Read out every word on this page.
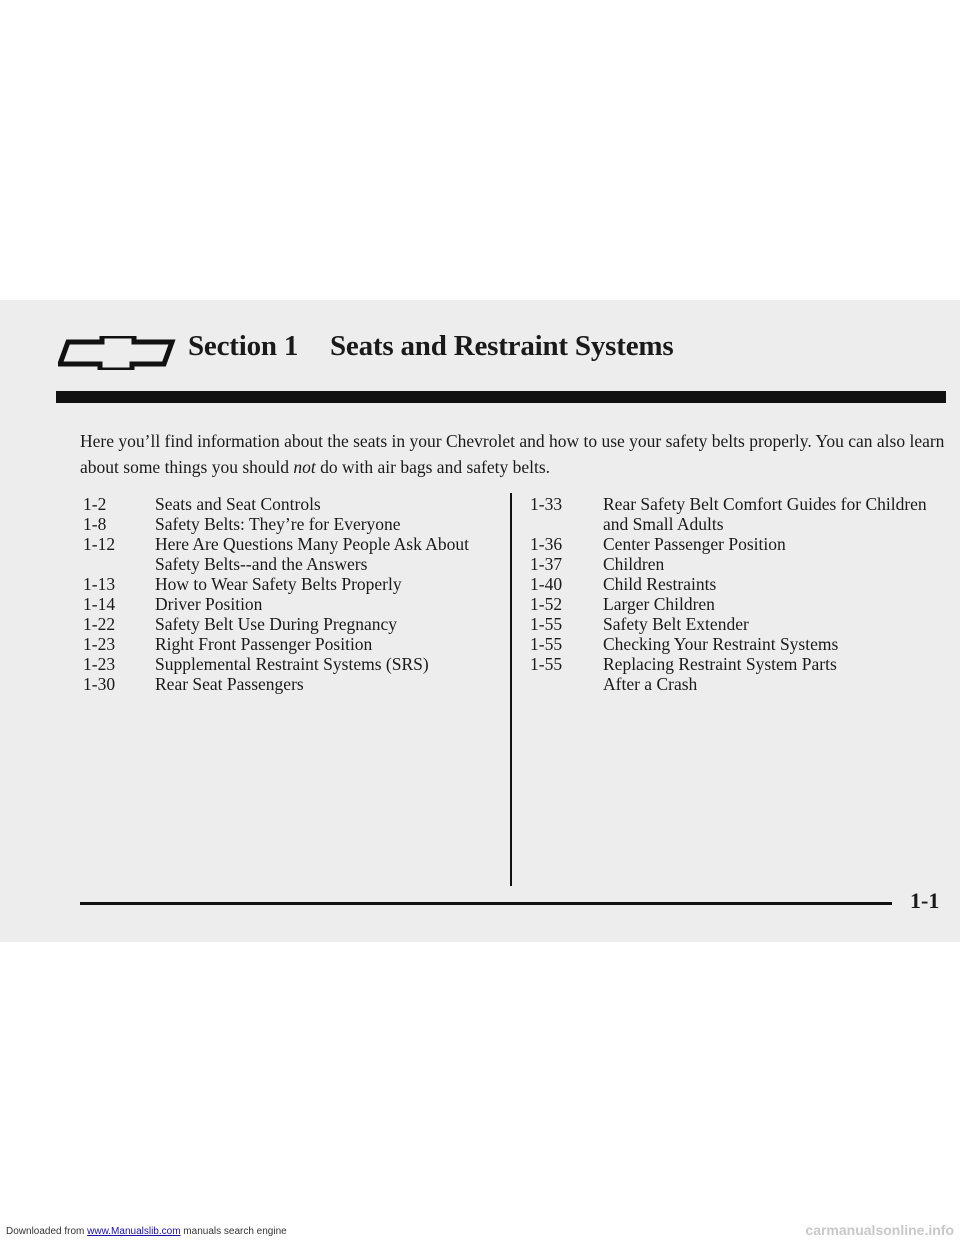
Section 1 Seats and Restraint Systems

Here you’ll find information about the seats in your Chevrolet and how to use your safety belts properly. You can also learn about some things you should not do with air bags and safety belts.

1-2	Seats and Seat Controls
1-8	Safety Belts: They’re for Everyone
1-12	Here Are Questions Many People Ask About
Safety Belts--and the Answers
1-13	How to Wear Safety Belts Properly
1-14	Driver Position
1-22	Safety Belt Use During Pregnancy
1-23	Right Front Passenger Position
1-23	Supplemental Restraint Systems (SRS)
1-30	Rear Seat Passengers
1-33	Rear Safety Belt Comfort Guides for Children
and Small Adults
1-36	Center Passenger Position
1-37	Children
1-40	Child Restraints
1-52	Larger Children
1-55	Safety Belt Extender
1-55	Checking Your Restraint Systems
1-55	Replacing Restraint System Parts
After a Crash
1-1
Downloaded from www.Manualslib.com manuals search engine	carmanualsonline.info
